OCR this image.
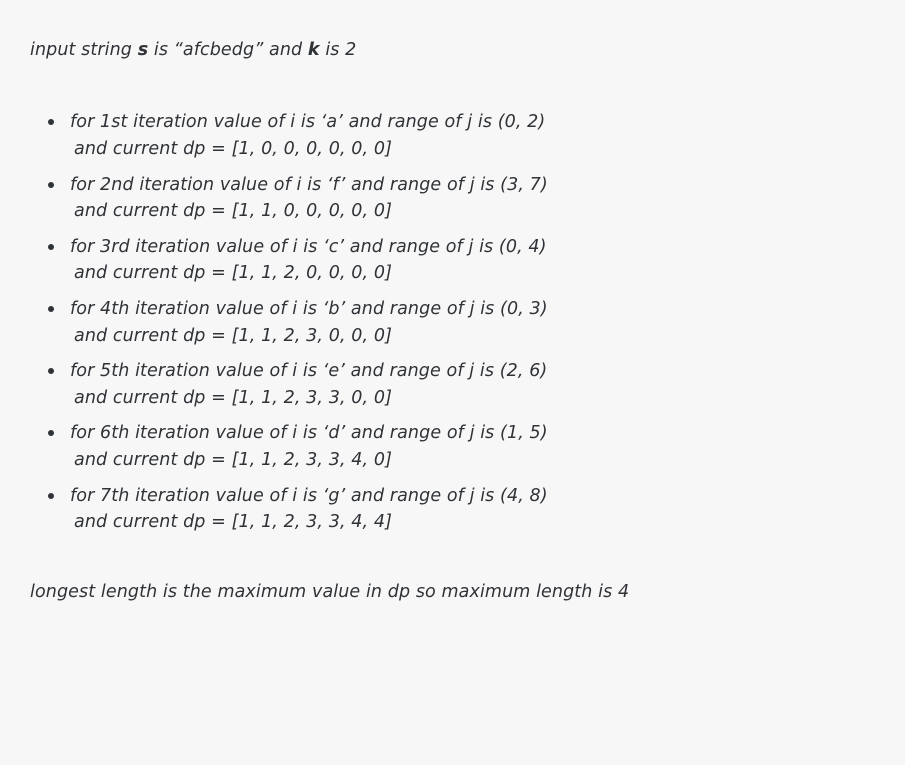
input string s is “afcbedg” and k is 2

for 1st iteration value of i is ‘a’ and range of j is (0, 2)
and current dp = [1, 0, 0, 0, 0, 0, 0]
for 2nd iteration value of i is ‘f’ and range of j is (3, 7)
and current dp = [1, 1, 0, 0, 0, 0, 0]
for 3rd iteration value of i is ‘c’ and range of j is (0, 4)
and current dp = [1, 1, 2, 0, 0, 0, 0]
for 4th iteration value of i is ‘b’ and range of j is (0, 3)
and current dp = [1, 1, 2, 3, 0, 0, 0]
for 5th iteration value of i is ‘e’ and range of j is (2, 6)
and current dp = [1, 1, 2, 3, 3, 0, 0]
for 6th iteration value of i is ‘d’ and range of j is (1, 5)
and current dp = [1, 1, 2, 3, 3, 4, 0]
for 7th iteration value of i is ‘g’ and range of j is (4, 8)
and current dp = [1, 1, 2, 3, 3, 4, 4]

longest length is the maximum value in dp so maximum length is 4
